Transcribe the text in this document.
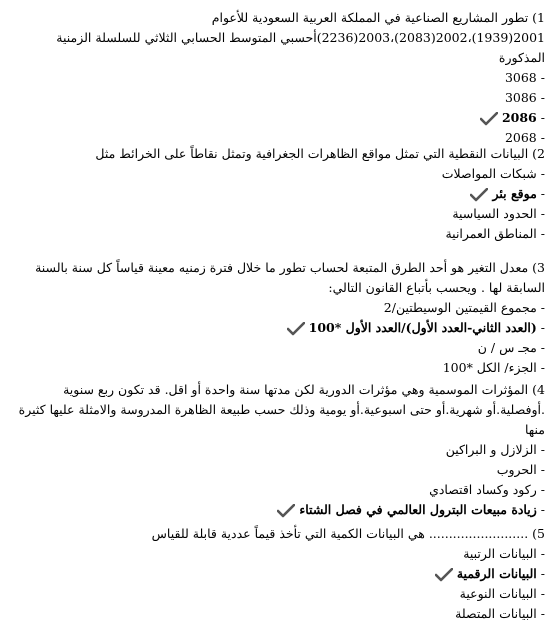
1) تطور المشاريع الصناعية في المملكة العربية السعودية للأعوام 2001(1939)،2002(2083)،2003(2236)أحسبي المتوسط الحسابي الثلاثي للسلسلة الزمنية المذكورة
-3068
-3086
-2086
-2068
2) البيانات النقطية التي تمثل مواقع الظاهرات الجغرافية وتمثل نقاطاً على الخرائط مثل
-شبكات المواصلات
-موقع بئر
-الحدود السياسية
-المناطق العمرانية
3) معدل التغير هو أحد الطرق المتبعة لحساب تطور ما خلال فترة زمنيه معينة قياساً كل سنة بالسنة السابقة لها . ويحسب بأتباع القانون التالي:
-مجموع القيمتين الوسيطتين/2
-(العدد الثاني-العدد الأول)/العدد الأول *100
-مجـ س / ن
-الجزء/ الكل *100
4) المؤثرات الموسمية وهي مؤثرات الدورية لكن مدتها سنة واحدة أو اقل. قد تكون ربع سنوية .أوفصلية.أو شهرية.أو حتى اسبوعية.أو يومية وذلك حسب طبيعة الظاهرة المدروسة والامثلة عليها كثيرة منها
-الزلازل و البراكين
-الحروب
-ركود وكساد اقتصادي
-زيادة مبيعات البترول العالمي في فصل الشتاء
5) ......................... هي البيانات الكمية التي تأخذ قيماً عددية قابلة للقياس
-البيانات الرتبية
-البيانات الرقمية
-البيانات النوعية
-البيانات المتصلة
